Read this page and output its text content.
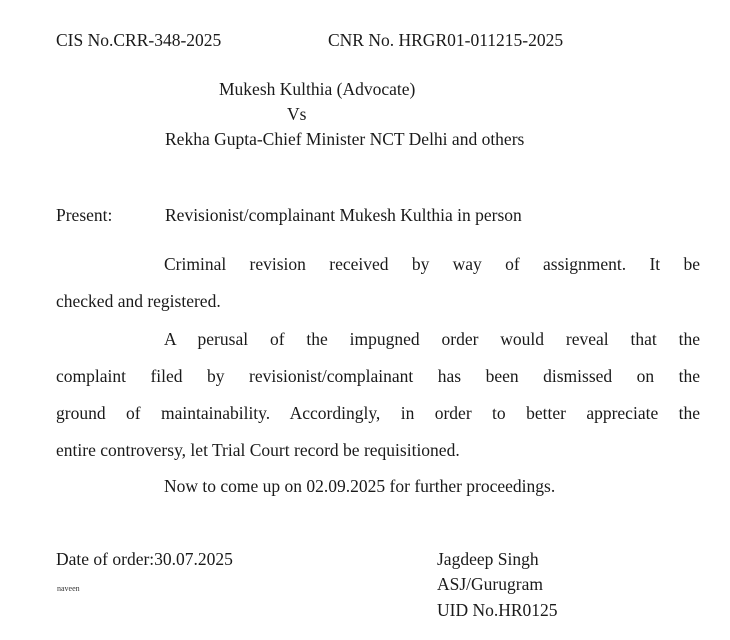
CIS No.CRR-348-2025	CNR No. HRGR01-011215-2025
Mukesh Kulthia (Advocate)
Vs
Rekha Gupta-Chief Minister NCT Delhi and others
Present:	Revisionist/complainant Mukesh Kulthia in person
Criminal revision received by way of assignment. It be
checked and registered.
A perusal of the impugned order would reveal that the
complaint filed by revisionist/complainant has been dismissed on the
ground of maintainability. Accordingly, in order to better appreciate the
entire controversy, let Trial Court record be requisitioned.
Now to come up on 02.09.2025 for further proceedings.
Date of order:30.07.2025
naveen
Jagdeep Singh
ASJ/Gurugram
UID No.HR0125
